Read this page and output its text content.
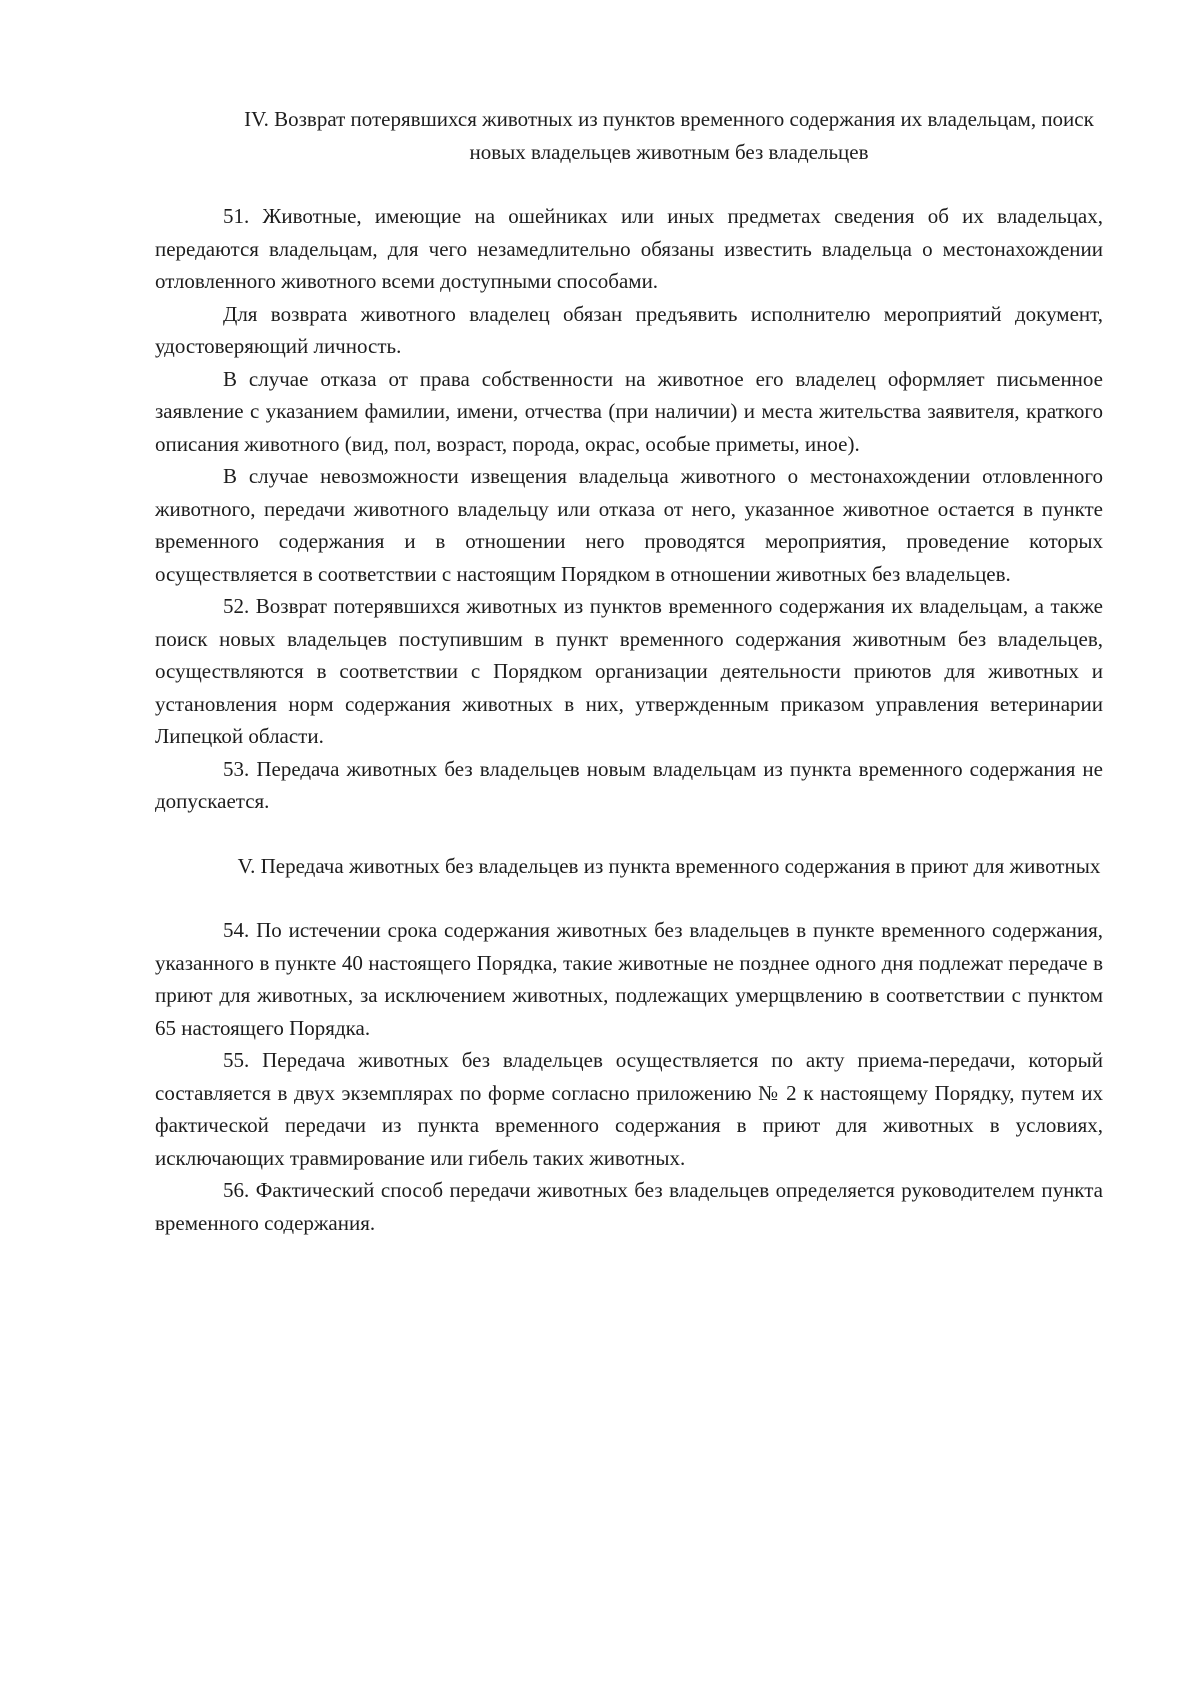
IV. Возврат потерявшихся животных из пунктов временного содержания их владельцам, поиск новых владельцев животным без владельцев

51. Животные, имеющие на ошейниках или иных предметах сведения об их владельцах, передаются владельцам, для чего незамедлительно обязаны известить владельца о местонахождении отловленного животного всеми доступными способами.

Для возврата животного владелец обязан предъявить исполнителю мероприятий документ, удостоверяющий личность.

В случае отказа от права собственности на животное его владелец оформляет письменное заявление с указанием фамилии, имени, отчества (при наличии) и места жительства заявителя, краткого описания животного (вид, пол, возраст, порода, окрас, особые приметы, иное).

В случае невозможности извещения владельца животного о местонахождении отловленного животного, передачи животного владельцу или отказа от него, указанное животное остается в пункте временного содержания и в отношении него проводятся мероприятия, проведение которых осуществляется в соответствии с настоящим Порядком в отношении животных без владельцев.

52. Возврат потерявшихся животных из пунктов временного содержания их владельцам, а также поиск новых владельцев поступившим в пункт временного содержания животным без владельцев, осуществляются в соответствии с Порядком организации деятельности приютов для животных и установления норм содержания животных в них, утвержденным приказом управления ветеринарии Липецкой области.

53. Передача животных без владельцев новым владельцам из пункта временного содержания не допускается.

V. Передача животных без владельцев из пункта временного содержания в приют для животных

54. По истечении срока содержания животных без владельцев в пункте временного содержания, указанного в пункте 40 настоящего Порядка, такие животные не позднее одного дня подлежат передаче в приют для животных, за исключением животных, подлежащих умерщвлению в соответствии с пунктом 65 настоящего Порядка.

55. Передача животных без владельцев осуществляется по акту приема-передачи, который составляется в двух экземплярах по форме согласно приложению № 2 к настоящему Порядку, путем их фактической передачи из пункта временного содержания в приют для животных в условиях, исключающих травмирование или гибель таких животных.

56. Фактический способ передачи животных без владельцев определяется руководителем пункта временного содержания.
